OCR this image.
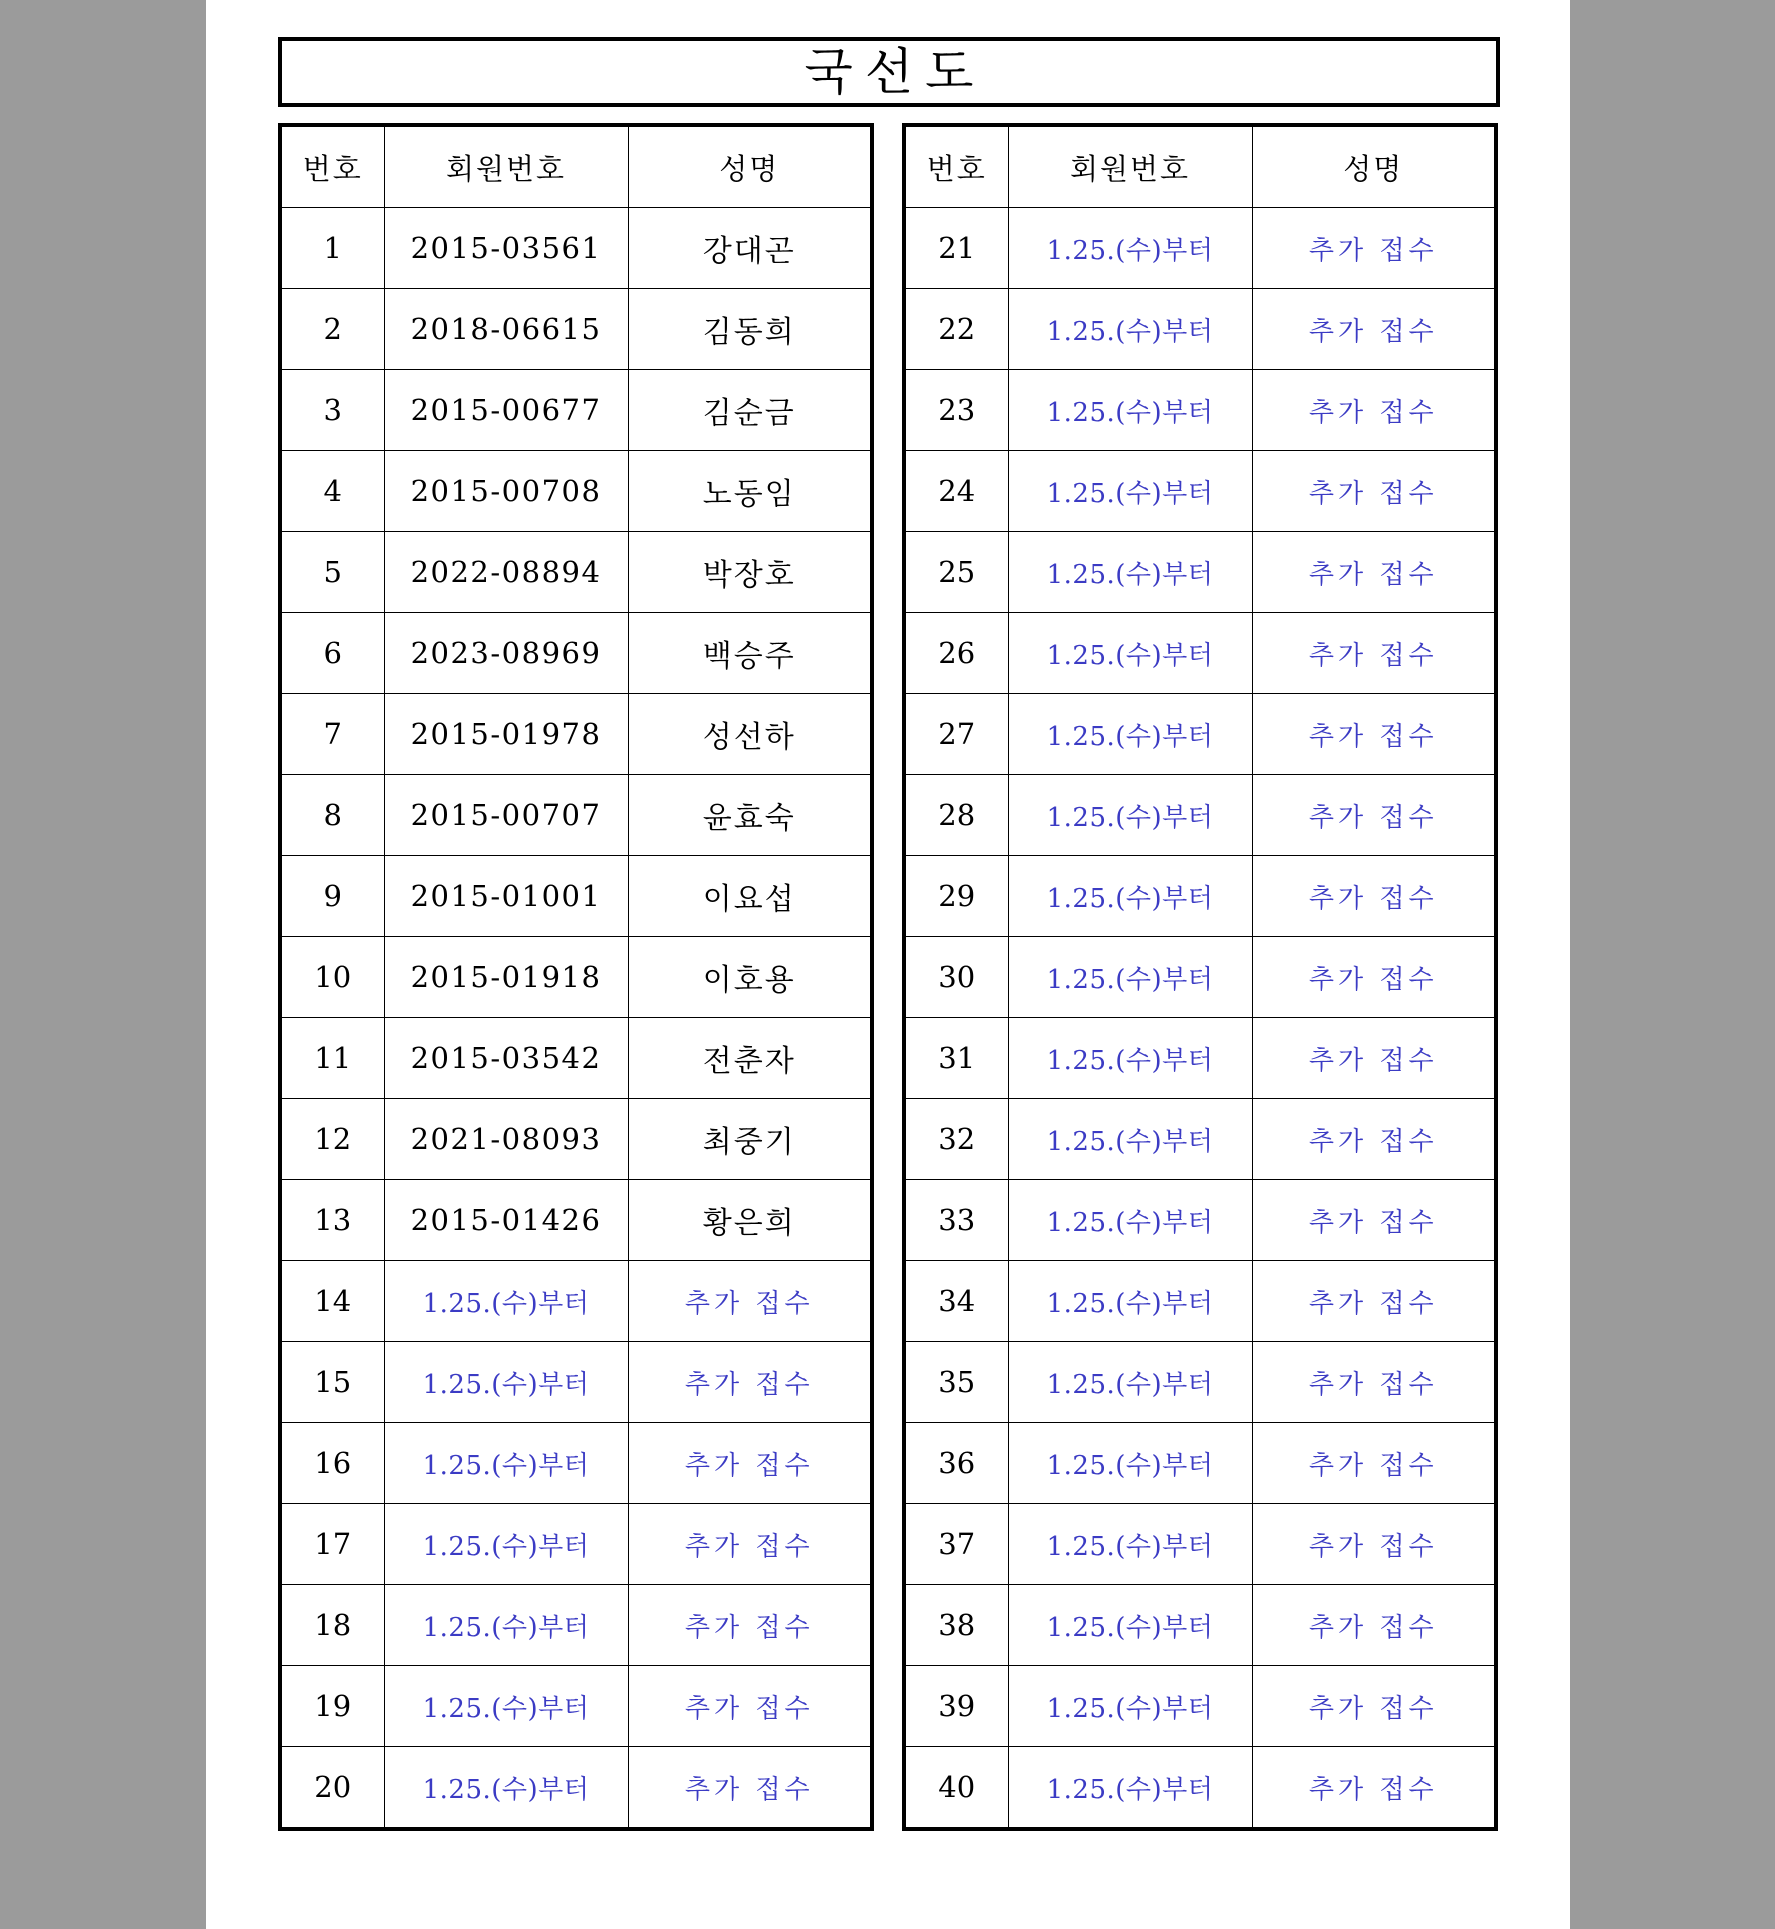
국선도
번호	회원번호	성명
1	2015-03561	강대곤
2	2018-06615	김동희
3	2015-00677	김순금
4	2015-00708	노동임
5	2022-08894	박장호
6	2023-08969	백승주
7	2015-01978	성선하
8	2015-00707	윤효숙
9	2015-01001	이요섭
10	2015-01918	이호용
11	2015-03542	전춘자
12	2021-08093	최중기
13	2015-01426	황은희
14	1.25.(수)부터	추가 접수
15	1.25.(수)부터	추가 접수
16	1.25.(수)부터	추가 접수
17	1.25.(수)부터	추가 접수
18	1.25.(수)부터	추가 접수
19	1.25.(수)부터	추가 접수
20	1.25.(수)부터	추가 접수
번호	회원번호	성명
21	1.25.(수)부터	추가 접수
22	1.25.(수)부터	추가 접수
23	1.25.(수)부터	추가 접수
24	1.25.(수)부터	추가 접수
25	1.25.(수)부터	추가 접수
26	1.25.(수)부터	추가 접수
27	1.25.(수)부터	추가 접수
28	1.25.(수)부터	추가 접수
29	1.25.(수)부터	추가 접수
30	1.25.(수)부터	추가 접수
31	1.25.(수)부터	추가 접수
32	1.25.(수)부터	추가 접수
33	1.25.(수)부터	추가 접수
34	1.25.(수)부터	추가 접수
35	1.25.(수)부터	추가 접수
36	1.25.(수)부터	추가 접수
37	1.25.(수)부터	추가 접수
38	1.25.(수)부터	추가 접수
39	1.25.(수)부터	추가 접수
40	1.25.(수)부터	추가 접수
